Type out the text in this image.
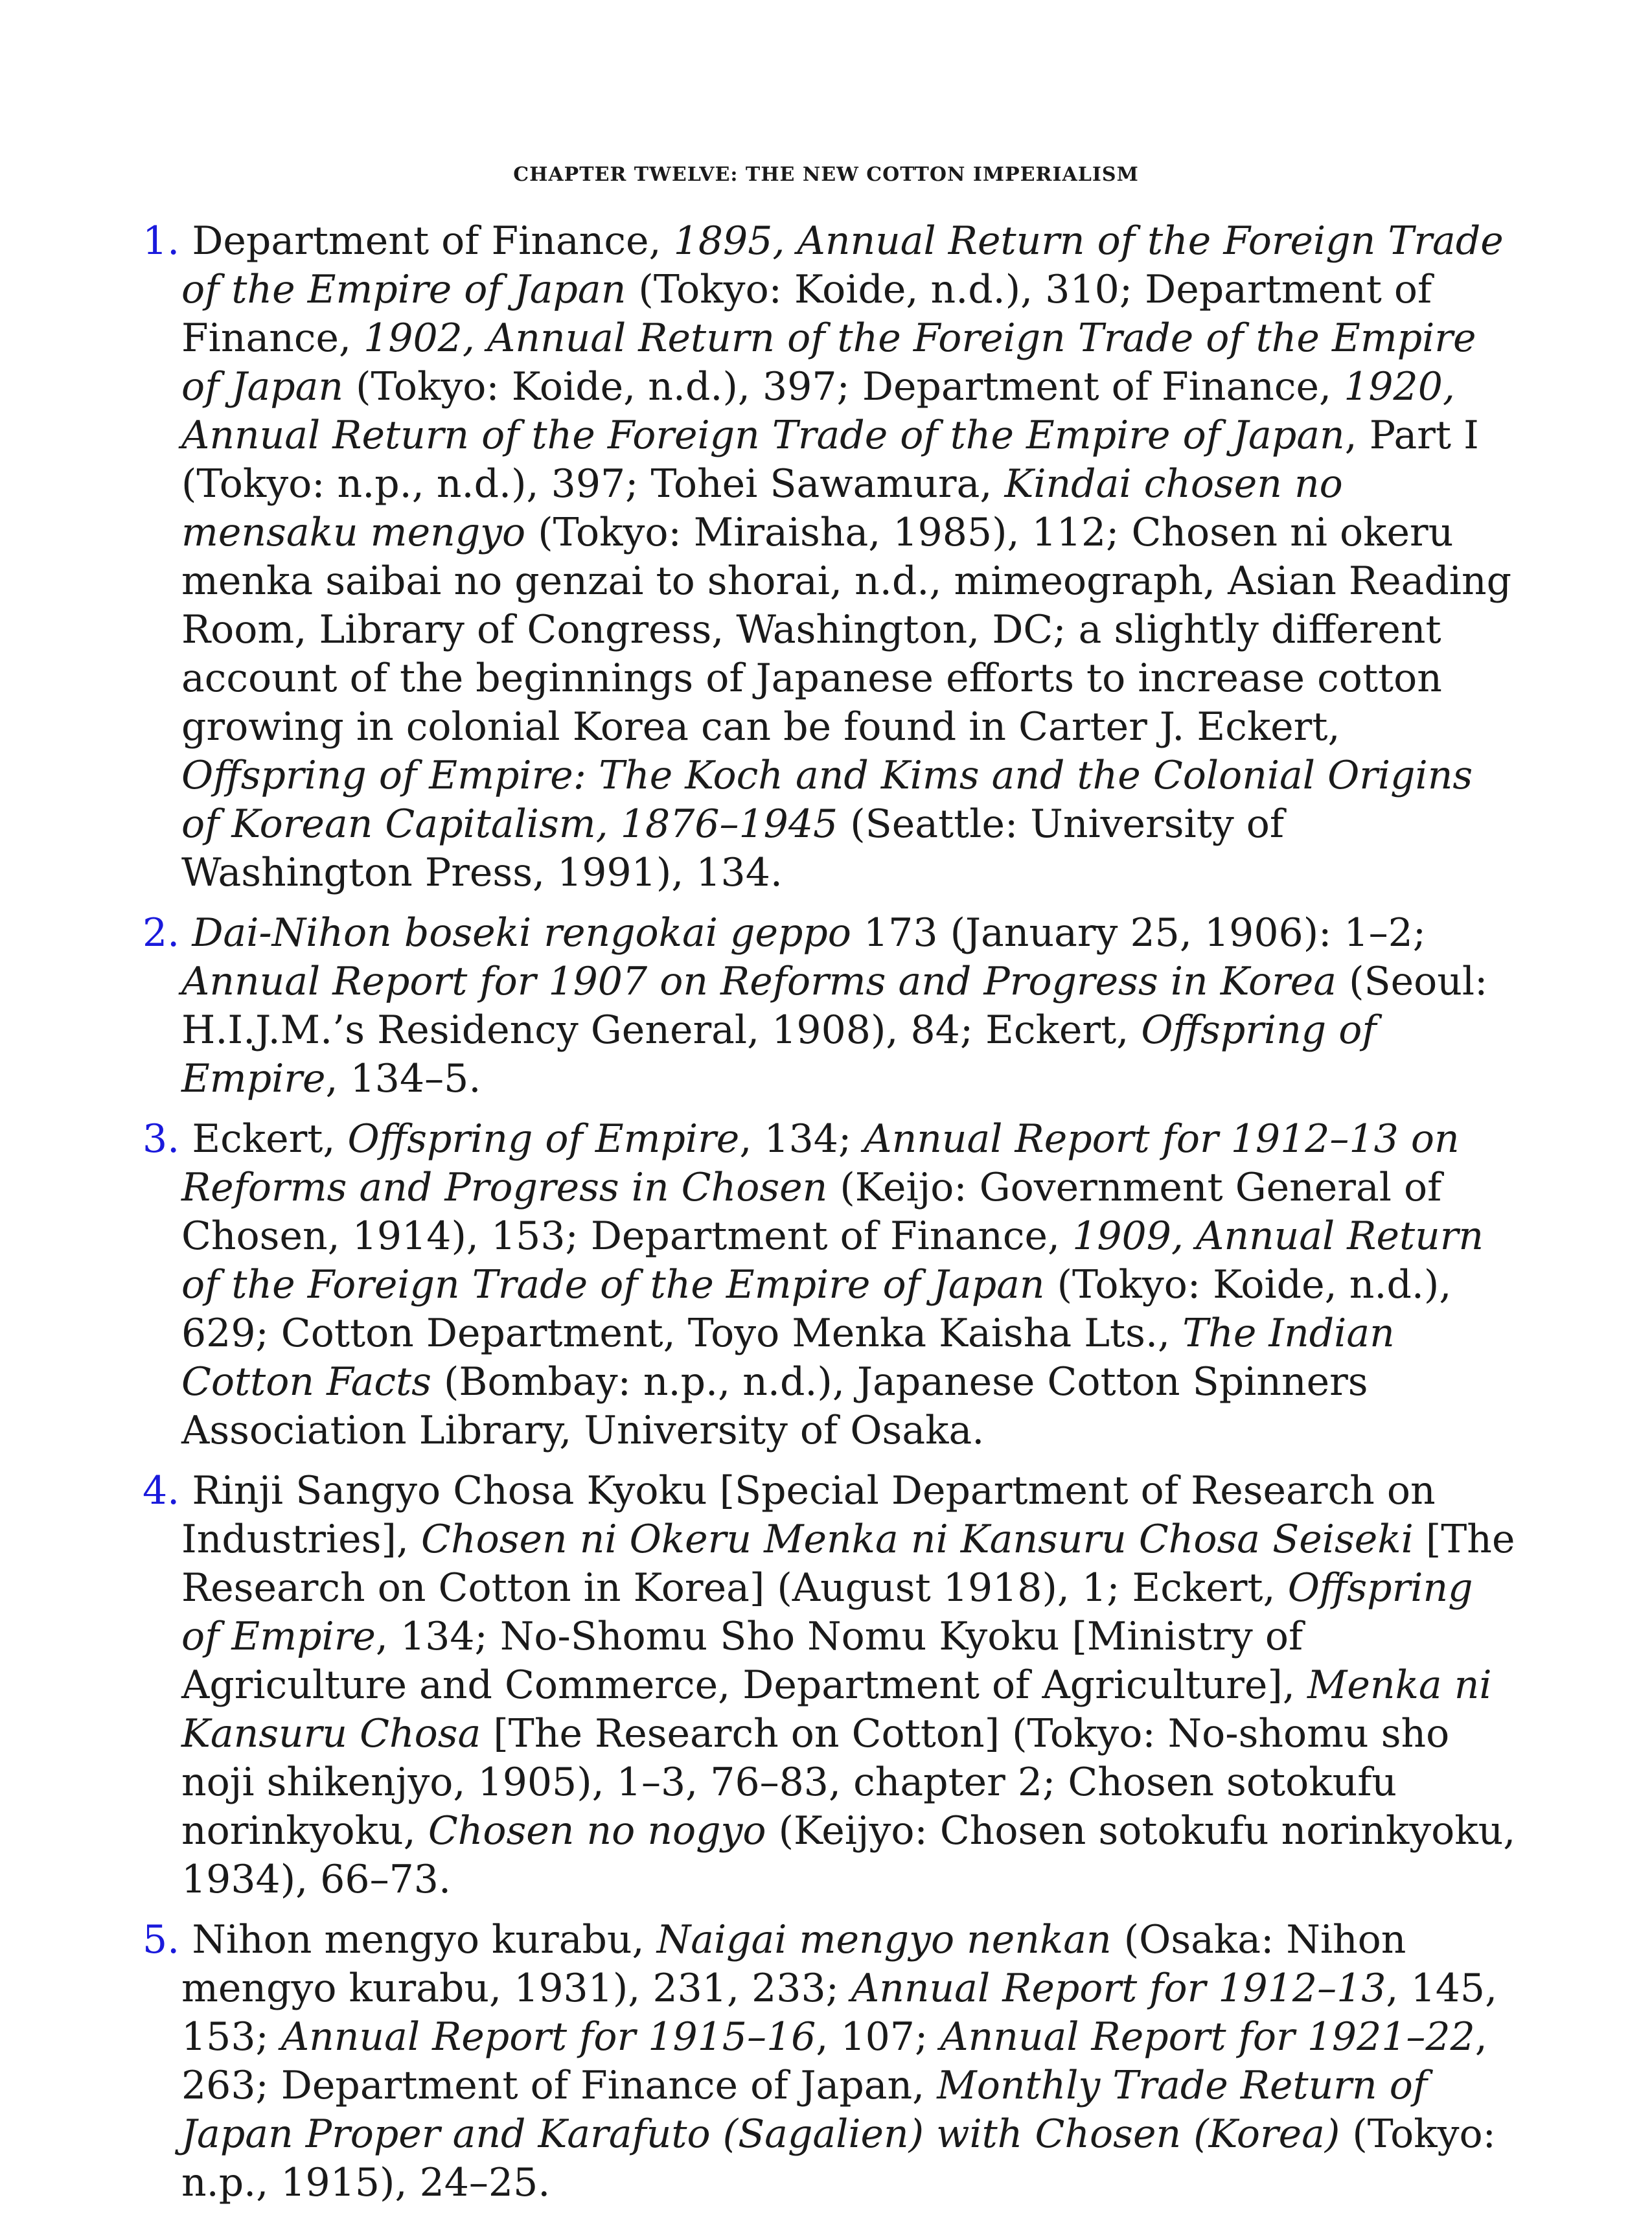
CHAPTER TWELVE: THE NEW COTTON IMPERIALISM
1. Department of Finance, 1895, Annual Return of the Foreign Trade of the Empire of Japan (Tokyo: Koide, n.d.), 310; Department of Finance, 1902, Annual Return of the Foreign Trade of the Empire of Japan (Tokyo: Koide, n.d.), 397; Department of Finance, 1920, Annual Return of the Foreign Trade of the Empire of Japan, Part I (Tokyo: n.p., n.d.), 397; Tohei Sawamura, Kindai chosen no mensaku mengyo (Tokyo: Miraisha, 1985), 112; Chosen ni okeru menka saibai no genzai to shorai, n.d., mimeograph, Asian Reading Room, Library of Congress, Washington, DC; a slightly different account of the beginnings of Japanese efforts to increase cotton growing in colonial Korea can be found in Carter J. Eckert, Offspring of Empire: The Koch and Kims and the Colonial Origins of Korean Capitalism, 1876–1945 (Seattle: University of Washington Press, 1991), 134.
2. Dai-Nihon boseki rengokai geppo 173 (January 25, 1906): 1–2; Annual Report for 1907 on Reforms and Progress in Korea (Seoul: H.I.J.M.’s Residency General, 1908), 84; Eckert, Offspring of Empire, 134–5.
3. Eckert, Offspring of Empire, 134; Annual Report for 1912–13 on Reforms and Progress in Chosen (Keijo: Government General of Chosen, 1914), 153; Department of Finance, 1909, Annual Return of the Foreign Trade of the Empire of Japan (Tokyo: Koide, n.d.), 629; Cotton Department, Toyo Menka Kaisha Lts., The Indian Cotton Facts (Bombay: n.p., n.d.), Japanese Cotton Spinners Association Library, University of Osaka.
4. Rinji Sangyo Chosa Kyoku [Special Department of Research on Industries], Chosen ni Okeru Menka ni Kansuru Chosa Seiseki [The Research on Cotton in Korea] (August 1918), 1; Eckert, Offspring of Empire, 134; No-Shomu Sho Nomu Kyoku [Ministry of Agriculture and Commerce, Department of Agriculture], Menka ni Kansuru Chosa [The Research on Cotton] (Tokyo: No-shomu sho noji shikenjyo, 1905), 1–3, 76–83, chapter 2; Chosen sotokufu norinkyoku, Chosen no nogyo (Keijyo: Chosen sotokufu norinkyoku, 1934), 66–73.
5. Nihon mengyo kurabu, Naigai mengyo nenkan (Osaka: Nihon mengyo kurabu, 1931), 231, 233; Annual Report for 1912–13, 145, 153; Annual Report for 1915–16, 107; Annual Report for 1921–22, 263; Department of Finance of Japan, Monthly Trade Return of Japan Proper and Karafuto (Sagalien) with Chosen (Korea) (Tokyo: n.p., 1915), 24–25.
